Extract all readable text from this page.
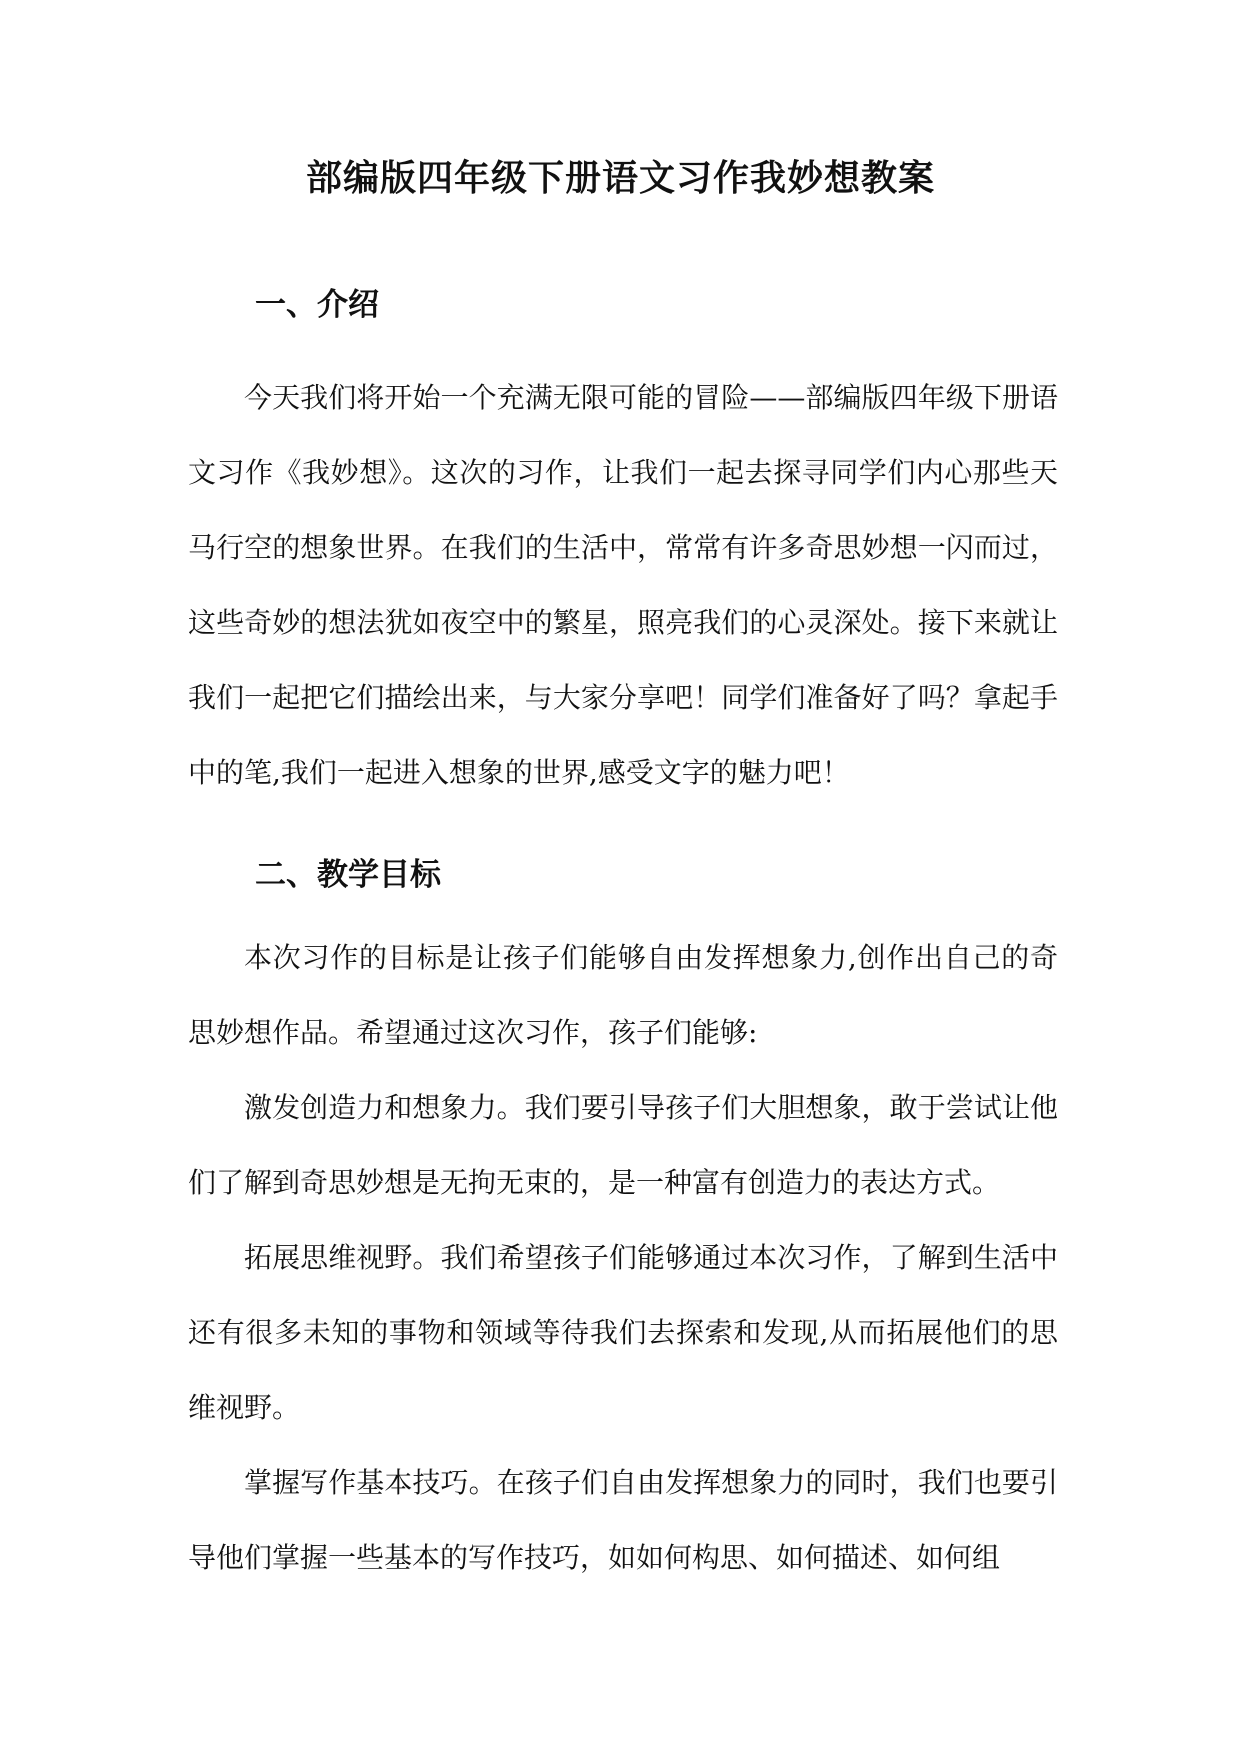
部编版四年级下册语文习作我妙想教案
一、介绍

今天我们将开始一个充满无限可能的冒险——部编版四年级下册语文习作《我妙想》。这次的习作，让我们一起去探寻同学们内心那些天马行空的想象世界。在我们的生活中，常常有许多奇思妙想一闪而过，这些奇妙的想法犹如夜空中的繁星，照亮我们的心灵深处。接下来就让我们一起把它们描绘出来，与大家分享吧！同学们准备好了吗？拿起手中的笔,我们一起进入想象的世界,感受文字的魅力吧！

二、教学目标

本次习作的目标是让孩子们能够自由发挥想象力,创作出自己的奇思妙想作品。希望通过这次习作，孩子们能够:

激发创造力和想象力。我们要引导孩子们大胆想象，敢于尝试让他们了解到奇思妙想是无拘无束的，是一种富有创造力的表达方式。

拓展思维视野。我们希望孩子们能够通过本次习作，了解到生活中还有很多未知的事物和领域等待我们去探索和发现,从而拓展他们的思维视野。

掌握写作基本技巧。在孩子们自由发挥想象力的同时，我们也要引导他们掌握一些基本的写作技巧，如如何构思、如何描述、如何组
